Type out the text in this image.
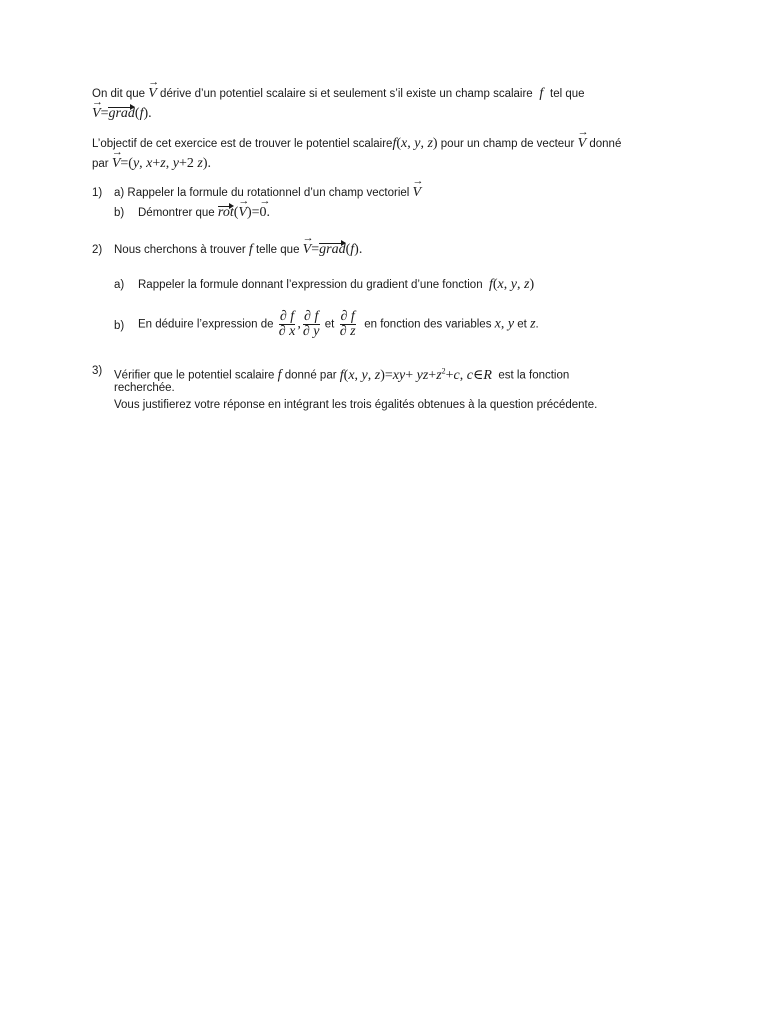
On dit que → V dérive d’un potentiel scalaire si et seulement s’il existe un champ scalaire  f  tel que
→ V=grad(f).
L’objectif de cet exercice est de trouver le potentiel scalairef(x, y, z) pour un champ de vecteur → V donné
par → V=(y, x+z, y+2 z).
1) a) Rappeler la formule du rotationnel d’un champ vectoriel → V
b) Démontrer que rot(→ V)=→ 0.
2) Nous cherchons à trouver f telle que → V=grad(f).
a) Rappeler la formule donnant l’expression du gradient d’une fonction f(x, y, z)
b) En déduire l’expression de $\frac{\partial f}{\partial x}$ , $\frac{\partial f}{\partial y}$ et $\frac{\partial f}{\partial z}$ en fonction des variables x, y et z.
3) Vérifier que le potentiel scalaire f donné par f(x, y, $z)=xy+ yz+z^2+c$, c∈R est la fonction
recherchée.
Vous justifierez votre réponse en intégrant les trois égalités obtenues à la question précédente.
